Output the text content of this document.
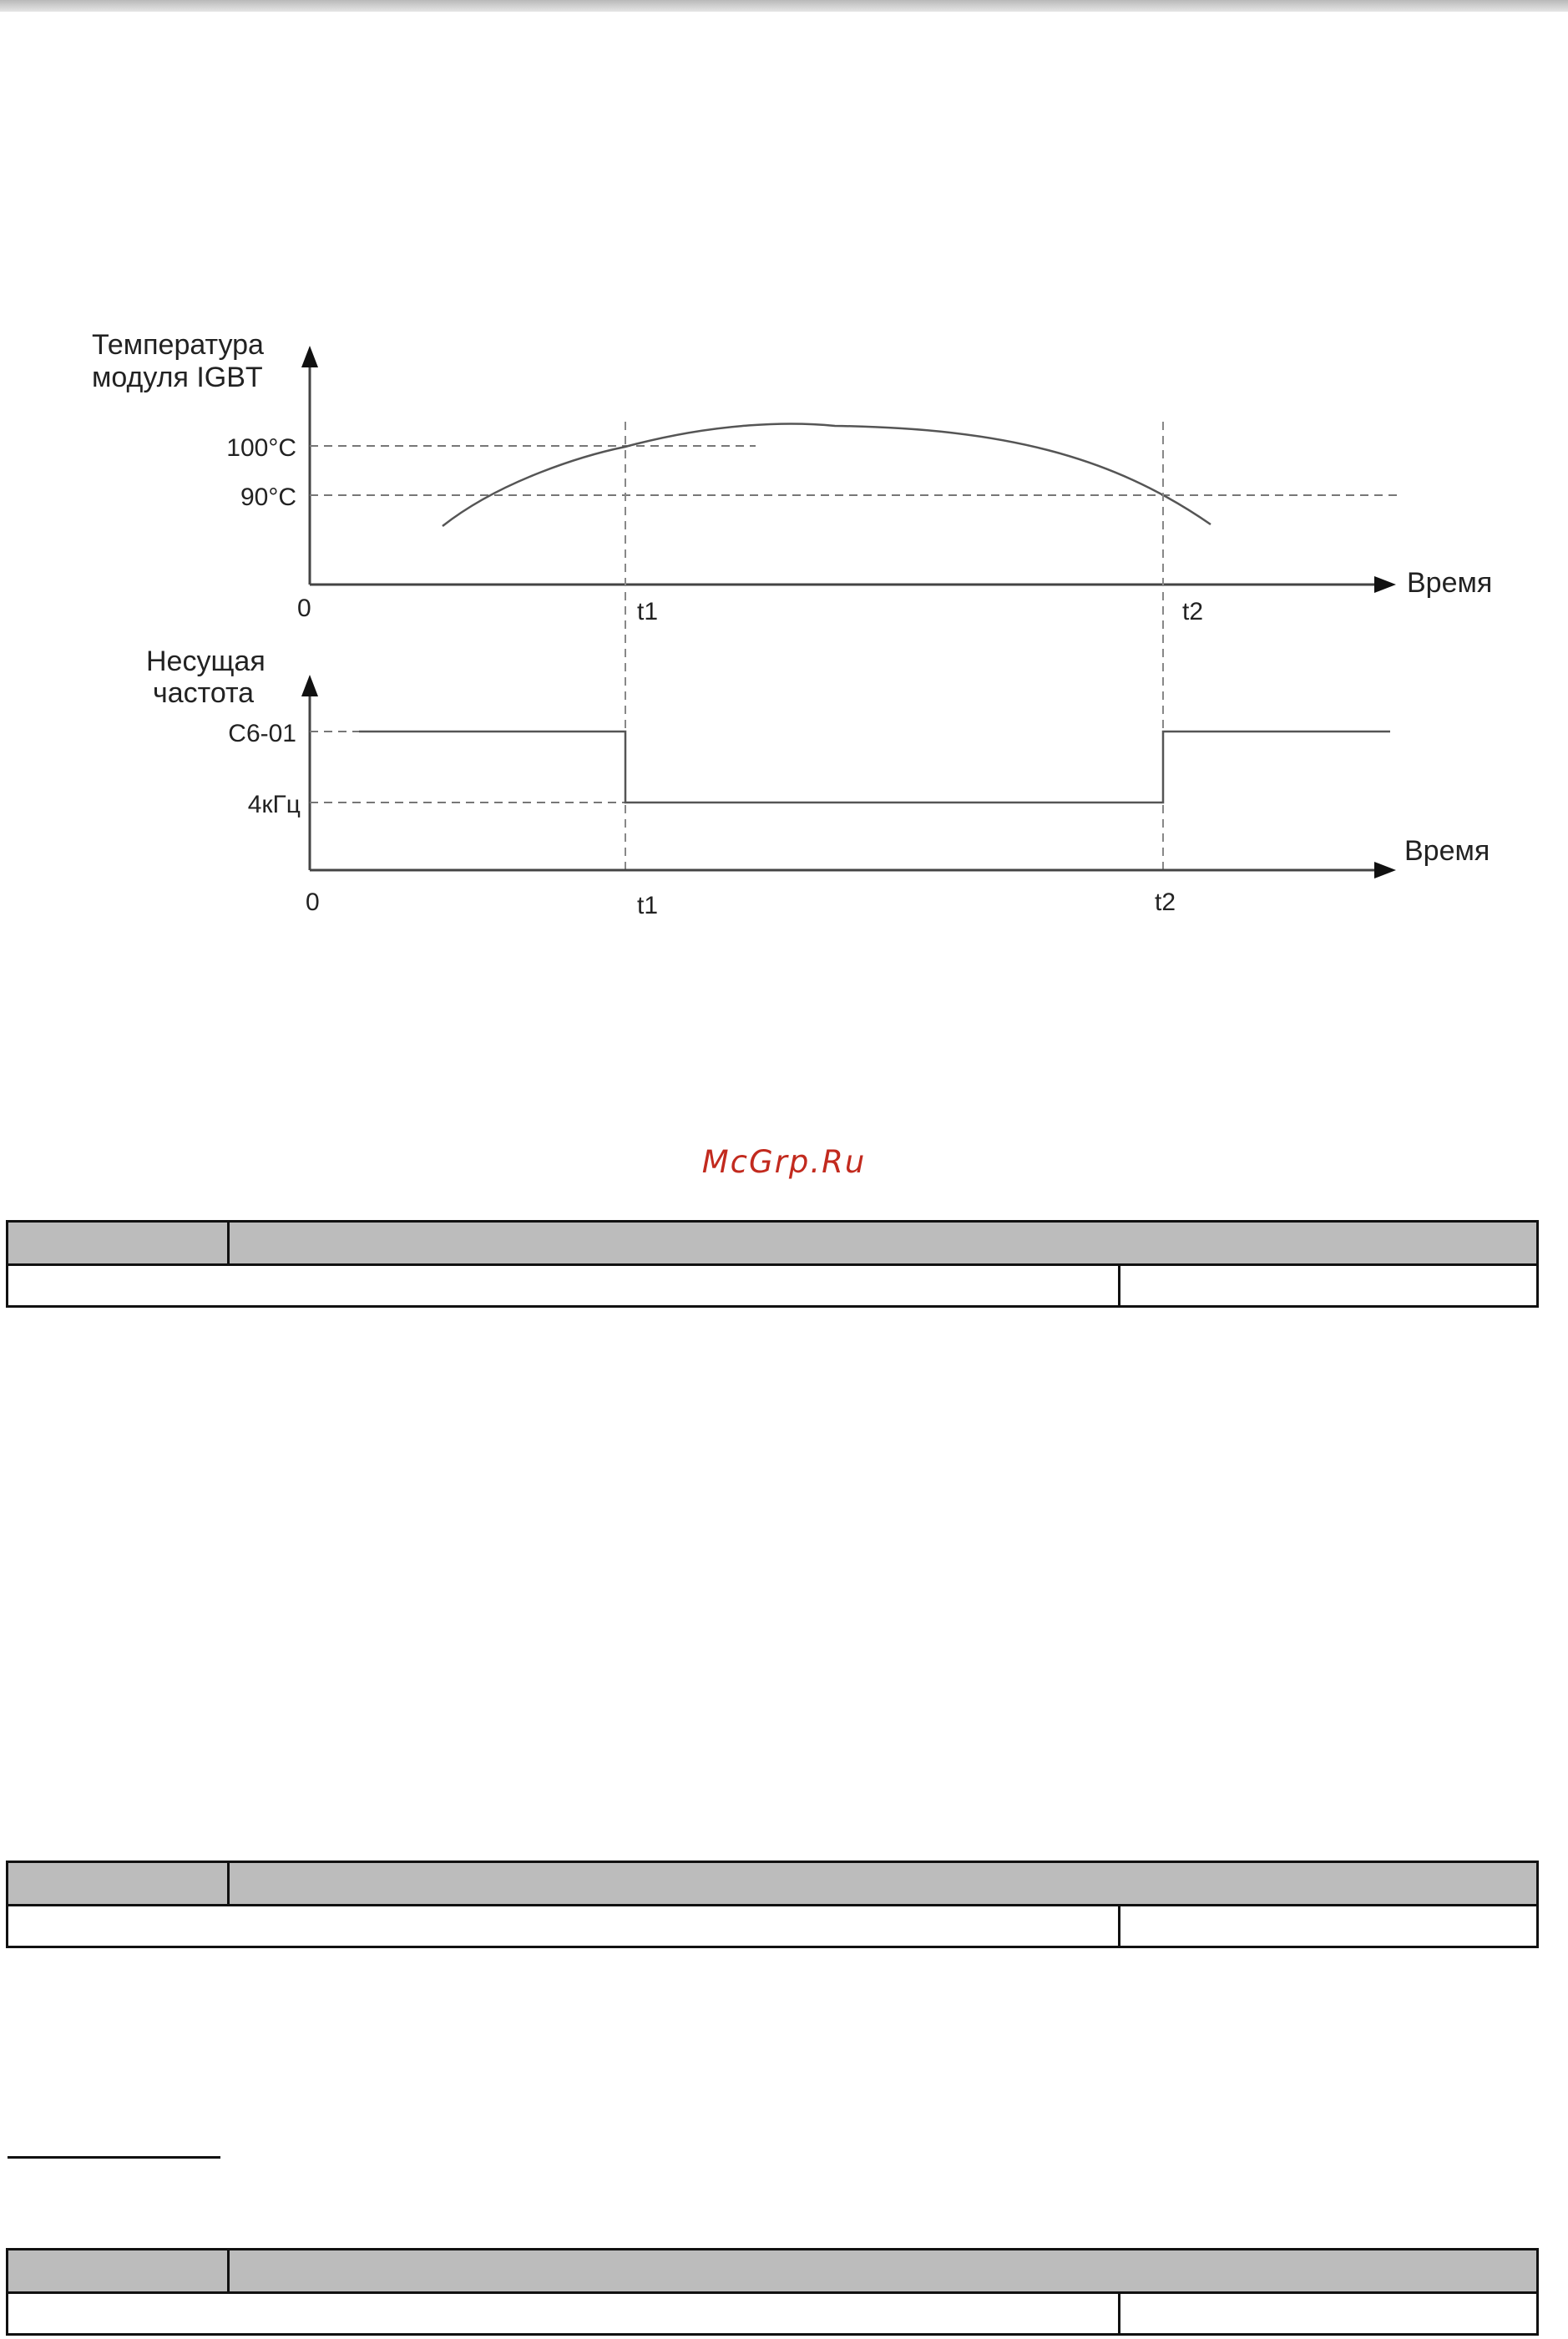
Температура
модуля IGBT
100°C
90°C
Время
0	t1	t2
Несущая
частота
C6-01
4кГц
Время
0	t1	t2
McGrp.Ru
